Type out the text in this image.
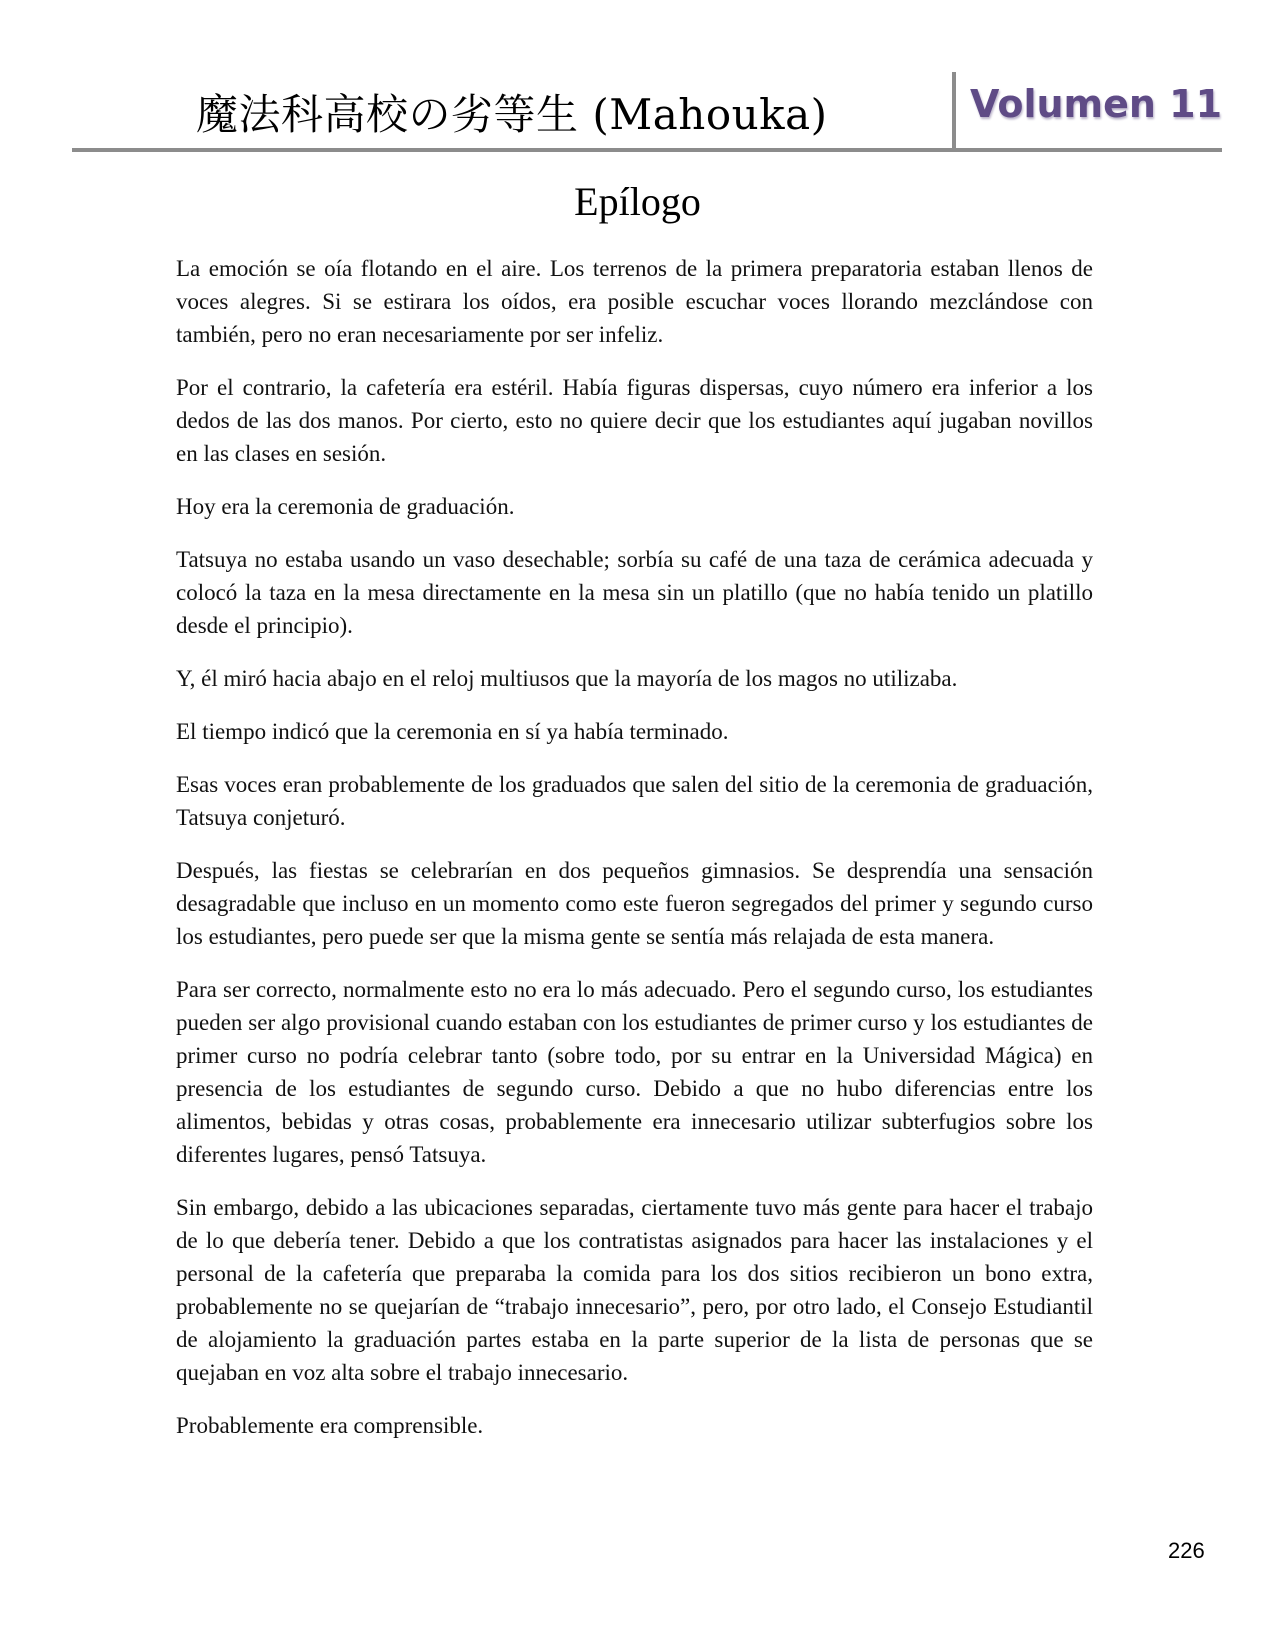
魔法科高校の劣等生 (Mahouka)	Volumen 11
Epílogo

La emoción se oía flotando en el aire. Los terrenos de la primera preparatoria estaban llenos de voces alegres. Si se estirara los oídos, era posible escuchar voces llorando mezclándose con también, pero no eran necesariamente por ser infeliz.

Por el contrario, la cafetería era estéril. Había figuras dispersas, cuyo número era inferior a los dedos de las dos manos. Por cierto, esto no quiere decir que los estudiantes aquí jugaban novillos en las clases en sesión.

Hoy era la ceremonia de graduación.

Tatsuya no estaba usando un vaso desechable; sorbía su café de una taza de cerámica adecuada y colocó la taza en la mesa directamente en la mesa sin un platillo (que no había tenido un platillo desde el principio).

Y, él miró hacia abajo en el reloj multiusos que la mayoría de los magos no utilizaba.

El tiempo indicó que la ceremonia en sí ya había terminado.

Esas voces eran probablemente de los graduados que salen del sitio de la ceremonia de graduación, Tatsuya conjeturó.

Después, las fiestas se celebrarían en dos pequeños gimnasios. Se desprendía una sensación desagradable que incluso en un momento como este fueron segregados del primer y segundo curso los estudiantes, pero puede ser que la misma gente se sentía más relajada de esta manera.

Para ser correcto, normalmente esto no era lo más adecuado. Pero el segundo curso, los estudiantes pueden ser algo provisional cuando estaban con los estudiantes de primer curso y los estudiantes de primer curso no podría celebrar tanto (sobre todo, por su entrar en la Universidad Mágica) en presencia de los estudiantes de segundo curso. Debido a que no hubo diferencias entre los alimentos, bebidas y otras cosas, probablemente era innecesario utilizar subterfugios sobre los diferentes lugares, pensó Tatsuya.

Sin embargo, debido a las ubicaciones separadas, ciertamente tuvo más gente para hacer el trabajo de lo que debería tener. Debido a que los contratistas asignados para hacer las instalaciones y el personal de la cafetería que preparaba la comida para los dos sitios recibieron un bono extra, probablemente no se quejarían de “trabajo innecesario”, pero, por otro lado, el Consejo Estudiantil de alojamiento la graduación partes estaba en la parte superior de la lista de personas que se quejaban en voz alta sobre el trabajo innecesario.

Probablemente era comprensible.

226
